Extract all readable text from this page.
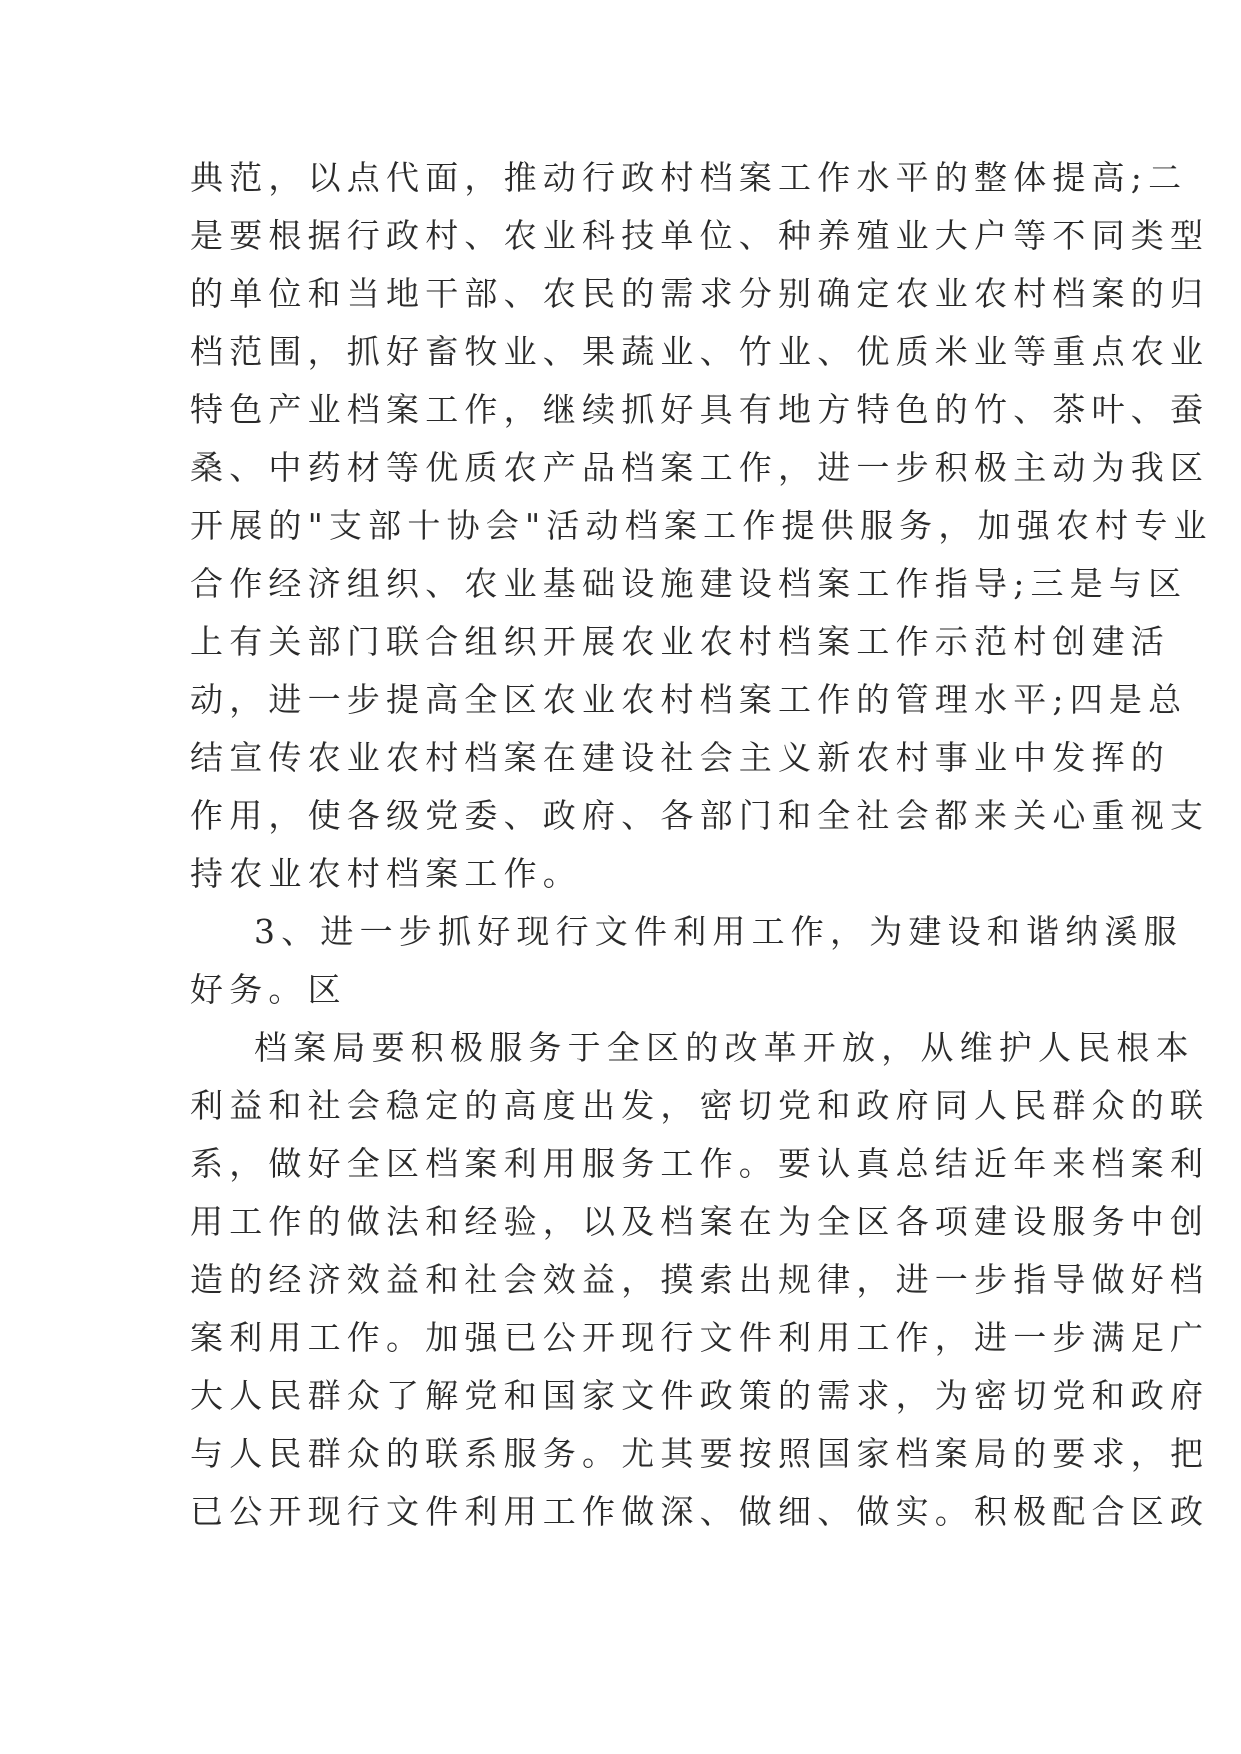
典范，以点代面，推动行政村档案工作水平的整体提高;二
是要根据行政村、农业科技单位、种养殖业大户等不同类型
的单位和当地干部、农民的需求分别确定农业农村档案的归
档范围，抓好畜牧业、果蔬业、竹业、优质米业等重点农业
特色产业档案工作，继续抓好具有地方特色的竹、茶叶、蚕
桑、中药材等优质农产品档案工作，进一步积极主动为我区
开展的"支部十协会"活动档案工作提供服务，加强农村专业
合作经济组织、农业基础设施建设档案工作指导;三是与区
上有关部门联合组织开展农业农村档案工作示范村创建活
动，进一步提高全区农业农村档案工作的管理水平;四是总
结宣传农业农村档案在建设社会主义新农村事业中发挥的
作用，使各级党委、政府、各部门和全社会都来关心重视支
持农业农村档案工作。
3、进一步抓好现行文件利用工作，为建设和谐纳溪服
好务。区
档案局要积极服务于全区的改革开放，从维护人民根本
利益和社会稳定的高度出发，密切党和政府同人民群众的联
系，做好全区档案利用服务工作。要认真总结近年来档案利
用工作的做法和经验，以及档案在为全区各项建设服务中创
造的经济效益和社会效益，摸索出规律，进一步指导做好档
案利用工作。加强已公开现行文件利用工作，进一步满足广
大人民群众了解党和国家文件政策的需求，为密切党和政府
与人民群众的联系服务。尤其要按照国家档案局的要求，把
已公开现行文件利用工作做深、做细、做实。积极配合区政
